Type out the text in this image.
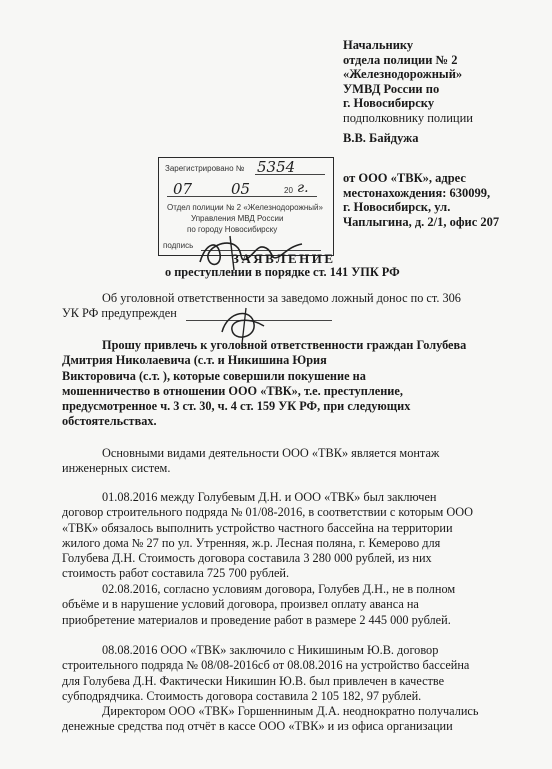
Начальнику
отдела полиции № 2
«Железнодорожный»
УМВД России по
г. Новосибирску
подполковнику полиции
В.В. Байдужа
от ООО «ТВК», адрес
местонахождения: 630099,
г. Новосибирск, ул.
Чаплыгина, д. 2/1, офис 207
Зарегистрировано № 5354
07	05	20 г.
Отдел полиции № 2 «Железнодорожный»
Управления МВД России
по городу Новосибирску
подпись
ЗАЯВЛЕНИЕ
о преступлении в порядке ст. 141 УПК РФ
Об уголовной ответственности за заведомо ложный донос по ст. 306
УК РФ предупрежден
Прошу привлечь к уголовной ответственности граждан Голубева
Дмитрия Николаевича (с.т. и Никишина Юрия
Викторовича (с.т. ), которые совершили покушение на
мошенничество в отношении ООО «ТВК», т.е. преступление,
предусмотренное ч. 3 ст. 30, ч. 4 ст. 159 УК РФ, при следующих
обстоятельствах.
Основными видами деятельности ООО «ТВК» является монтаж
инженерных систем.
01.08.2016 между Голубевым Д.Н. и ООО «ТВК» был заключен
договор строительного подряда № 01/08-2016, в соответствии с которым ООО
«ТВК» обязалось выполнить устройство частного бассейна на территории
жилого дома № 27 по ул. Утренняя, ж.р. Лесная поляна, г. Кемерово для
Голубева Д.Н. Стоимость договора составила 3 280 000 рублей, из них
стоимость работ составила 725 700 рублей.
02.08.2016, согласно условиям договора, Голубев Д.Н., не в полном
объёме и в нарушение условий договора, произвел оплату аванса на
приобретение материалов и проведение работ в размере 2 445 000 рублей.
08.08.2016 ООО «ТВК» заключило с Никишиным Ю.В. договор
строительного подряда № 08/08-2016сб от 08.08.2016 на устройство бассейна
для Голубева Д.Н. Фактически Никишин Ю.В. был привлечен в качестве
субподрядчика. Стоимость договора составила 2 105 182, 97 рублей.
Директором ООО «ТВК» Горшенниным Д.А. неоднократно получались
денежные средства под отчёт в кассе ООО «ТВК» и из офиса организации
